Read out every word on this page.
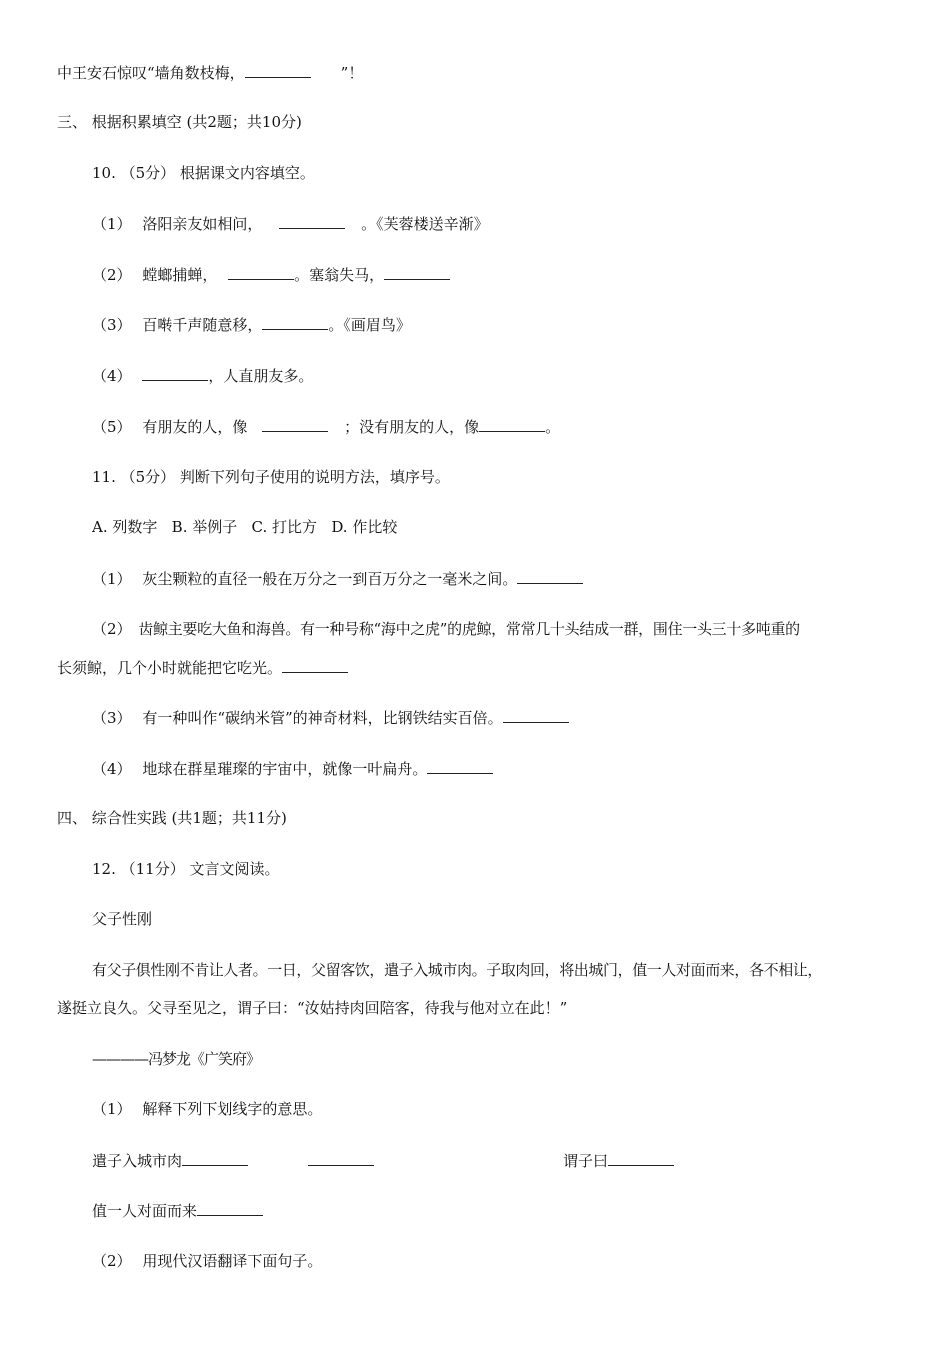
中王安石惊叹“墙角数枝梅，	”！
三、 根据积累填空 (共2题；共10分)
10. （5分） 根据课文内容填空。
（1） 洛阳亲友如相问，	。《芙蓉楼送辛渐》
（2） 螳螂捕蝉，	。塞翁失马，
（3） 百啭千声随意移，	。《画眉鸟》
（4）	，人直朋友多。
（5） 有朋友的人，像	；没有朋友的人，像	。
11. （5分） 判断下列句子使用的说明方法，填序号。
A. 列数字   B. 举例子   C. 打比方   D. 作比较
（1） 灰尘颗粒的直径一般在万分之一到百万分之一毫米之间。
（2） 齿鲸主要吃大鱼和海兽。有一种号称“海中之虎”的虎鲸，常常几十头结成一群，围住一头三十多吨重的
长须鲸，几个小时就能把它吃光。
（3） 有一种叫作“碳纳米管”的神奇材料，比钢铁结实百倍。
（4） 地球在群星璀璨的宇宙中，就像一叶扁舟。
四、 综合性实践 (共1题；共11分)
12. （11分） 文言文阅读。
父子性刚
有父子俱性刚不肯让人者。一日，父留客饮，遣子入城市肉。子取肉回，将出城门，值一人对面而来，各不相让，
遂挺立良久。父寻至见之，谓子曰：“汝姑持肉回陪客，待我与他对立在此！”
————冯梦龙《广笑府》
（1） 解释下列下划线字的意思。
遣子入城市肉	谓子曰
值一人对面而来
（2） 用现代汉语翻译下面句子。
